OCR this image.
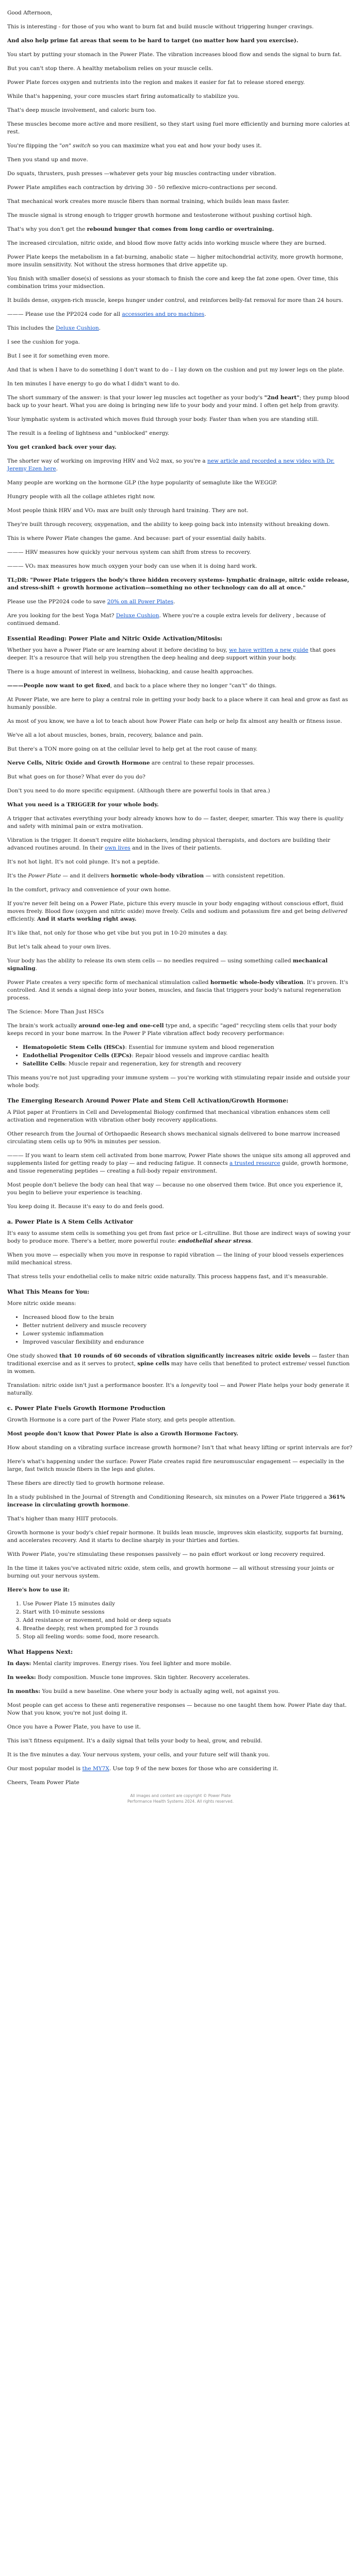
Good Afternoon,

This is interesting - for those of you who want to burn fat and build muscle without triggering hunger cravings.

And also help prime fat areas that seem to be hard to target (no matter how hard you exercise).

You start by putting your stomach in the Power Plate. The vibration increases blood flow and sends the signal to burn fat.

But you can't stop there. A healthy metabolism relies on your muscle cells.

Power Plate forces oxygen and nutrients into the region and makes it easier for fat to release stored energy.

While that's happening, your core muscles start firing automatically to stabilize you.

That's deep muscle involvement, and caloric burn too.

These muscles become more active and more resilient, so they start using fuel more efficiently and burning more calories at rest.

You're flipping the "on" switch so you can maximize what you eat and how your body uses it.

Then you stand up and move.

Do squats, thrusters, push presses —whatever gets your big muscles contracting under vibration.

Power Plate amplifies each contraction by driving 30 - 50 reflexive micro-contractions per second.

That mechanical work creates more muscle fibers than normal training, which builds lean mass faster.

The muscle signal is strong enough to trigger growth hormone and testosterone without pushing cortisol high.

That's why you don't get the rebound hunger that comes from long cardio or overtraining.

The increased circulation, nitric oxide, and blood flow move fatty acids into working muscle where they are burned.

Power Plate keeps the metabolism in a fat-burning, anabolic state — higher mitochondrial activity, more growth hormone, more insulin sensitivity. Not without the stress hormones that drive appetite up.

You finish with smaller dose(s) of sessions as your stomach to finish the core and keep the fat zone open. Over time, this combination trims your midsection.

It builds dense, oxygen-rich muscle, keeps hunger under control, and reinforces belly-fat removal for more than 24 hours.

——— Please use the PP2024 code for all accessories and pro machines.

This includes the Deluxe Cushion.

I see the cushion for yoga.

But I see it for something even more.

And that is when I have to do something I don't want to do – I lay down on the cushion and put my lower legs on the plate.

In ten minutes I have energy to go do what I didn't want to do.

The short summary of the answer: is that your lower leg muscles act together as your body's "2nd heart"; they pump blood back up to your heart. What you are doing is bringing new life to your body and your mind. I often get help from gravity.

Your lymphatic system is activated which moves fluid through your body. Faster than when you are standing still.

The result is a feeling of lightness and "unblocked" energy.

You get cranked back over your day.

The shorter way of working on improving HRV and Vo2 max, so you're a new article and recorded a new video with Dr. Jeremy Ezen here.

Many people are working on the hormone GLP (the hype popularity of semaglute like the WEGGP.

Hungry people with all the collage athletes right now.

Most people think HRV and VO₂ max are built only through hard training. They are not.

They're built through recovery, oxygenation, and the ability to keep going back into intensity without breaking down.

This is where Power Plate changes the game. And because: part of your essential daily habits.

——— HRV measures how quickly your nervous system can shift from stress to recovery.

——— VO₂ max measures how much oxygen your body can use when it is doing hard work.

TL;DR: "Power Plate triggers the body's three hidden recovery systems- lymphatic drainage, nitric oxide release, and stress-shift + growth hormone activation—something no other technology can do all at once."

Please use the PP2024 code to save 20% on all Power Plates.

Are you looking for the best Yoga Mat? Deluxe Cushion. Where you're a couple extra levels for delivery , because of continued demand.

Essential Reading: Power Plate and Nitric Oxide Activation/Mitosis:

Whether you have a Power Plate or are learning about it before deciding to buy, we have written a new guide that goes deeper. It's a resource that will help you strengthen the deep healing and deep support within your body.

There is a huge amount of interest in wellness, biohacking, and cause health approaches.

———People now want to get fixed, and back to a place where they no longer "can't" do things.

At Power Plate, we are here to play a central role in getting your body back to a place where it can heal and grow as fast as humanly possible.

As most of you know, we have a lot to teach about how Power Plate can help or help fix almost any health or fitness issue.

We've all a lot about muscles, bones, brain, recovery, balance and pain.

But there's a TON more going on at the cellular level to help get at the root cause of many.

Nerve Cells, Nitric Oxide and Growth Hormone are central to these repair processes.

But what goes on for those? What ever do you do?

Don't you need to do more specific equipment. (Although there are powerful tools in that area.)

What you need is a TRIGGER for your whole body.

A trigger that activates everything your body already knows how to do — faster, deeper, smarter. This way there is quality and safety with minimal pain or extra motivation.

Vibration is the trigger. It doesn't require elite biohackers, lending physical therapists, and doctors are building their advanced routines around. In their own lives and in the lives of their patients.

It's not hot light. It's not cold plunge. It's not a peptide.

It's the Power Plate — and it delivers hormetic whole-body vibration — with consistent repetition.

In the comfort, privacy and convenience of your own home.

If you're never felt being on a Power Plate, picture this every muscle in your body engaging without conscious effort, fluid moves freely. Blood flow (oxygen and nitric oxide) move freely. Cells and sodium and potassium fire and get being delivered efficiently. And it starts working right away.

It's like that, not only for those who get vibe but you put in 10-20 minutes a day.

But let's talk ahead to your own lives.

Your body has the ability to release its own stem cells — no needles required — using something called mechanical signaling.

Power Plate creates a very specific form of mechanical stimulation called hormetic whole-body vibration. It's proven. It's controlled. And it sends a signal deep into your bones, muscles, and fascia that triggers your body's natural regeneration process.

The Science: More Than Just HSCs

The brain's work actually around one-leg and one-cell type and, a specific "aged" recycling stem cells that your body keeps record in your bone marrow. In the Power P Plate vibration affect body recovery performance:

• Hematopoietic Stem Cells (HSCs): Essential for immune system and blood regeneration
• Endothelial Progenitor Cells (EPCs): Repair blood vessels and improve cardiac health
• Satellite Cells: Muscle repair and regeneration, key for strength and recovery

This means you're not just upgrading your immune system — you're working with stimulating repair inside and outside your whole body.

The Emerging Research Around Power Plate and Stem Cell Activation/Growth Hormone:

A Pilot paper at Frontiers in Cell and Developmental Biology confirmed that mechanical vibration enhances stem cell activation and regeneration with vibration other body recovery applications.

Other research from the Journal of Orthopaedic Research shows mechanical signals delivered to bone marrow increased circulating stem cells up to 90% in minutes per session.

——— If you want to learn stem cell activated from bone marrow, Power Plate shows the unique sits among all approved and supplements listed for getting ready to play — and reducing fatigue. It connects a trusted resource guide, growth hormone, and tissue regenerating peptides — creating a full-body repair environment.

Most people don't believe the body can heal that way — because no one observed them twice. But once you experience it, you begin to believe your experience is teaching.

You keep doing it. Because it's easy to do and feels good.

a. Power Plate is A Stem Cells Activator

It's easy to assume stem cells is something you get from fast price or L-citrulline. But those are indirect ways of sowing your body to produce more. There's a better, more powerful route: endothelial shear stress.

When you move — especially when you move in response to rapid vibration — the lining of your blood vessels experiences mild mechanical stress.

That stress tells your endothelial cells to make nitric oxide naturally. This process happens fast, and it's measurable.

What This Means for You:

More nitric oxide means:

• Increased blood flow to the brain
• Better nutrient delivery and muscle recovery
• Lower systemic inflammation
• Improved vascular flexibility and endurance

One study showed that 10 rounds of 60 seconds of vibration significantly increases nitric oxide levels — faster than traditional exercise and as it serves to protect, spine cells may have cells that benefited to protect extreme/ vessel function in women.

Translation: nitric oxide isn't just a performance booster. It's a longevity tool — and Power Plate helps your body generate it naturally.

c. Power Plate Fuels Growth Hormone Production

Growth Hormone is a core part of the Power Plate story, and gets people attention.

Most people don't know that Power Plate is also a Growth Hormone Factory.

How about standing on a vibrating surface increase growth hormone? Isn't that what heavy lifting or sprint intervals are for?

Here's what's happening under the surface: Power Plate creates rapid fire neuromuscular engagement — especially in the large, fast twitch muscle fibers in the legs and glutes.

These fibers are directly tied to growth hormone release.

In a study published in the Journal of Strength and Conditioning Research, six minutes on a Power Plate triggered a 361% increase in circulating growth hormone.

That's higher than many HIIT protocols.

Growth hormone is your body's chief repair hormone. It builds lean muscle, improves skin elasticity, supports fat burning, and accelerates recovery. And it starts to decline sharply in your thirties and forties.

With Power Plate, you're stimulating these responses passively — no pain effort workout or long recovery required.

In the time it takes you've activated nitric oxide, stem cells, and growth hormone — all without stressing your joints or burning out your nervous system.

Here's how to use it:

1. Use Power Plate 15 minutes daily
2. Start with 10-minute sessions
3. Add resistance or movement, and hold or deep squats
4. Breathe deeply, rest when prompted for 3 rounds
5. Stop all feeling words: some food, more research.
What Happens Next:

In days: Mental clarity improves. Energy rises. You feel lighter and more mobile.

In weeks: Body composition. Muscle tone improves. Skin tighter. Recovery accelerates.

In months: You build a new baseline. One where your body is actually aging well, not against you.

Most people can get access to these anti regenerative responses — because no one taught them how. Power Plate day that. Now that you know, you're not just doing it.

Once you have a Power Plate, you have to use it.

This isn't fitness equipment. It's a daily signal that tells your body to heal, grow, and rebuild.

It is the five minutes a day. Your nervous system, your cells, and your future self will thank you.

Our most popular model is the MY7X. Use top 9 of the new boxes for those who are considering it.

Cheers, Team Power Plate

All images and content are copyright © Power Plate
Performance Health Systems 2024. All rights reserved.
